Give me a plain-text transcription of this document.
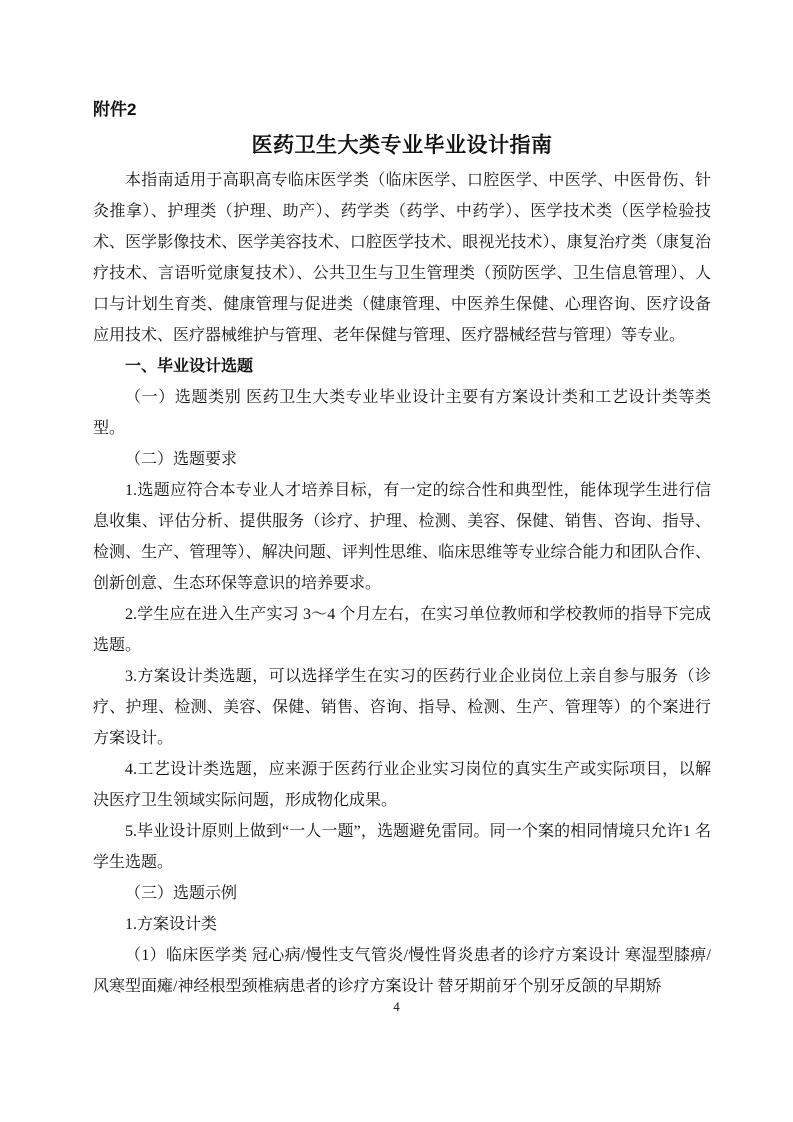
附件2
医药卫生大类专业毕业设计指南

本指南适用于高职高专临床医学类（临床医学、口腔医学、中医学、中医骨伤、针灸推拿）、护理类（护理、助产）、药学类（药学、中药学）、医学技术类（医学检验技术、医学影像技术、医学美容技术、口腔医学技术、眼视光技术）、康复治疗类（康复治疗技术、言语听觉康复技术）、公共卫生与卫生管理类（预防医学、卫生信息管理）、人口与计划生育类、健康管理与促进类（健康管理、中医养生保健、心理咨询、医疗设备应用技术、医疗器械维护与管理、老年保健与管理、医疗器械经营与管理）等专业。

一、毕业设计选题

（一）选题类别 医药卫生大类专业毕业设计主要有方案设计类和工艺设计类等类型。

（二）选题要求

1.选题应符合本专业人才培养目标，有一定的综合性和典型性，能体现学生进行信息收集、评估分析、提供服务（诊疗、护理、检测、美容、保健、销售、咨询、指导、检测、生产、管理等）、解决问题、评判性思维、临床思维等专业综合能力和团队合作、创新创意、生态环保等意识的培养要求。

2.学生应在进入生产实习 3～4 个月左右，在实习单位教师和学校教师的指导下完成选题。

3.方案设计类选题，可以选择学生在实习的医药行业企业岗位上亲自参与服务（诊疗、护理、检测、美容、保健、销售、咨询、指导、检测、生产、管理等）的个案进行方案设计。

4.工艺设计类选题，应来源于医药行业企业实习岗位的真实生产或实际项目，以解决医疗卫生领域实际问题，形成物化成果。

5.毕业设计原则上做到“一人一题”，选题避免雷同。同一个案的相同情境只允许1 名学生选题。

（三）选题示例

1.方案设计类

（1）临床医学类 冠心病/慢性支气管炎/慢性肾炎患者的诊疗方案设计 寒湿型膝痹/风寒型面瘫/神经根型颈椎病患者的诊疗方案设计 替牙期前牙个别牙反颌的早期矫

4
